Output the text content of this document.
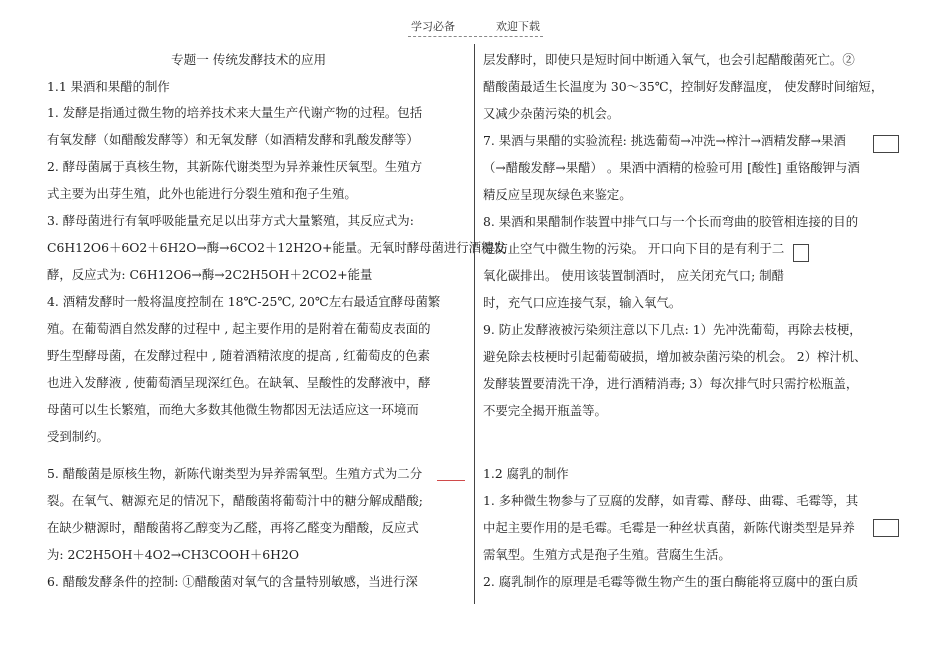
学习必备	欢迎下载
专题一 传统发酵技术的应用
1.1 果酒和果醋的制作
1. 发酵是指通过微生物的培养技术来大量生产代谢产物的过程。包括
有氧发酵（如醋酸发酵等）和无氧发酵（如酒精发酵和乳酸发酵等）
2. 酵母菌属于真核生物，其新陈代谢类型为异养兼性厌氧型。生殖方
式主要为出芽生殖，此外也能进行分裂生殖和孢子生殖。
3. 酵母菌进行有氧呼吸能量充足以出芽方式大量繁殖，其反应式为:
C6H12O6＋6O2＋6H2O→酶→6CO2＋12H2O+能量。无氧时酵母菌进行酒精发
酵，反应式为: C6H12O6→酶→2C2H5OH＋2CO2+能量
4. 酒精发酵时一般将温度控制在 18℃-25℃, 20℃左右最适宜酵母菌繁
殖。在葡萄酒自然发酵的过程中 , 起主要作用的是附着在葡萄皮表面的
野生型酵母菌，在发酵过程中 , 随着酒精浓度的提高 , 红葡萄皮的色素
也进入发酵液 , 使葡萄酒呈现深红色。在缺氧、呈酸性的发酵液中，酵
母菌可以生长繁殖，而绝大多数其他微生物都因无法适应这一环境而
受到制约。
5. 醋酸菌是原核生物，新陈代谢类型为异养需氧型。生殖方式为二分
裂。在氧气、糖源充足的情况下，醋酸菌将葡萄汁中的糖分解成醋酸;
在缺少糖源时，醋酸菌将乙醇变为乙醛，再将乙醛变为醋酸，反应式
为: 2C2H5OH＋4O2→CH3COOH＋6H2O
6. 醋酸发酵条件的控制: ①醋酸菌对氧气的含量特别敏感，当进行深
层发酵时，即使只是短时间中断通入氧气，也会引起醋酸菌死亡。②
醋酸菌最适生长温度为 30～35℃，控制好发酵温度， 使发酵时间缩短，
又减少杂菌污染的机会。
7. 果酒与果醋的实验流程: 挑选葡萄→冲洗→榨汁→酒精发酵→果酒
（→醋酸发酵→果醋） 。果酒中酒精的检验可用 [酸性] 重铬酸钾与酒
精反应呈现灰绿色来鉴定。
8. 果酒和果醋制作装置中排气口与一个长而弯曲的胶管相连接的目的
是防止空气中微生物的污染。 开口向下目的是有利于二
氧化碳排出。 使用该装置制酒时， 应关闭充气口; 制醋
时，充气口应连接气泵，输入氧气。
9. 防止发酵液被污染须注意以下几点: 1）先冲洗葡萄，再除去枝梗，
避免除去枝梗时引起葡萄破损，增加被杂菌污染的机会。 2）榨汁机、
发酵装置要清洗干净，进行酒精消毒; 3）每次排气时只需拧松瓶盖，
不要完全揭开瓶盖等。
1.2 腐乳的制作
1. 多种微生物参与了豆腐的发酵，如青霉、酵母、曲霉、毛霉等，其
中起主要作用的是毛霉。毛霉是一种丝状真菌，新陈代谢类型是异养
需氧型。生殖方式是孢子生殖。营腐生生活。
2. 腐乳制作的原理是毛霉等微生物产生的蛋白酶能将豆腐中的蛋白质
